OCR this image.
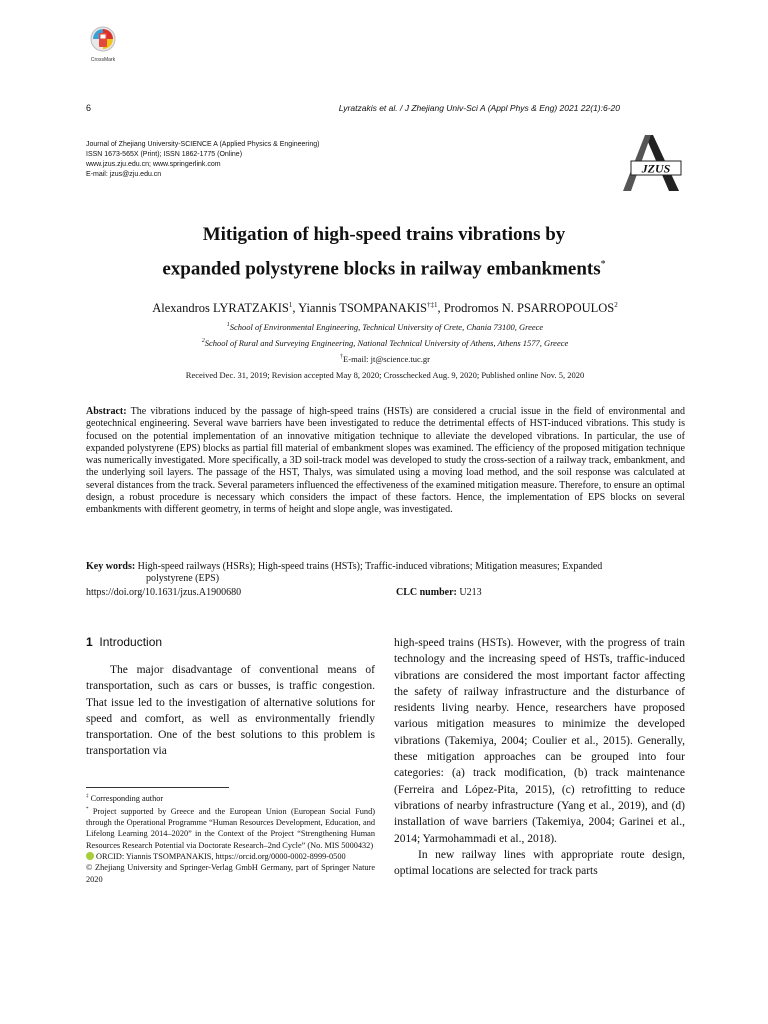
CrossMark
6	Lyratzakis et al. / J Zhejiang Univ-Sci A (Appl Phys & Eng) 2021 22(1):6-20
Journal of Zhejiang University-SCIENCE A (Applied Physics & Engineering)
ISSN 1673-565X (Print); ISSN 1862-1775 (Online)
www.jzus.zju.edu.cn; www.springerlink.com
E-mail: jzus@zju.edu.cn	JZUS
Mitigation of high-speed trains vibrations by
expanded polystyrene blocks in railway embankments*
Alexandros LYRATZAKIS$^1$, Yiannis TSOMPANAKIS$^{\dagger\ddagger 1}$, Prodromos N. PSARROPOULOS$^2$
$^1$School of Environmental Engineering, Technical University of Crete, Chania 73100, Greece
$^2$School of Rural and Surveying Engineering, National Technical University of Athens, Athens 1577, Greece
†E-mail: jt@science.tuc.gr
Received Dec. 31, 2019; Revision accepted May 8, 2020; Crosschecked Aug. 9, 2020; Published online Nov. 5, 2020
Abstract: The vibrations induced by the passage of high-speed trains (HSTs) are considered a crucial issue in the field of environmental and geotechnical engineering. Several wave barriers have been investigated to reduce the detrimental effects of HST-induced vibrations. This study is focused on the potential implementation of an innovative mitigation technique to alleviate the developed vibrations. In particular, the use of expanded polystyrene (EPS) blocks as partial fill material of embankment slopes was examined. The efficiency of the proposed mitigation technique was numerically investigated. More specifically, a 3D soil-track model was developed to study the cross-section of a railway track, embankment, and the underlying soil layers. The passage of the HST, Thalys, was simulated using a moving load method, and the soil response was calculated at several distances from the track. Several parameters influenced the effectiveness of the examined mitigation measure. Therefore, to ensure an optimal design, a robust procedure is necessary which considers the impact of these factors. Hence, the implementation of EPS blocks on several embankments with different geometry, in terms of height and slope angle, was investigated.
Key words: High-speed railways (HSRs); High-speed trains (HSTs); Traffic-induced vibrations; Mitigation measures; Expanded
polystyrene (EPS)
https://doi.org/10.1631/jzus.A1900680	CLC number: U213
1 Introduction

The major disadvantage of conventional means of transportation, such as cars or busses, is traffic congestion. That issue led to the investigation of alternative solutions for speed and comfort, as well as environmentally friendly transportation. One of the best solutions to this problem is transportation via

‡ Corresponding author
* Project supported by Greece and the European Union (European Social Fund) through the Operational Programme “Human Resources Development, Education, and Lifelong Learning 2014–2020” in the Context of the Project “Strengthening Human Resources Research Potential via Doctorate Research–2nd Cycle” (No. MIS 5000432)
ORCID: Yiannis TSOMPANAKIS, https://orcid.org/0000-0002-8999-0500
© Zhejiang University and Springer-Verlag GmbH Germany, part of Springer Nature 2020

high-speed trains (HSTs). However, with the progress of train technology and the increasing speed of HSTs, traffic-induced vibrations are considered the most important factor affecting the safety of railway infrastructure and the disturbance of residents living nearby. Hence, researchers have proposed various mitigation measures to minimize the developed vibrations (Takemiya, 2004; Coulier et al., 2015). Generally, these mitigation approaches can be grouped into four categories: (a) track modification, (b) track maintenance (Ferreira and López-Pita, 2015), (c) retrofitting to reduce vibrations of nearby infrastructure (Yang et al., 2019), and (d) installation of wave barriers (Takemiya, 2004; Garinei et al., 2014; Yarmohammadi et al., 2018).

In new railway lines with appropriate route design, optimal locations are selected for track parts
